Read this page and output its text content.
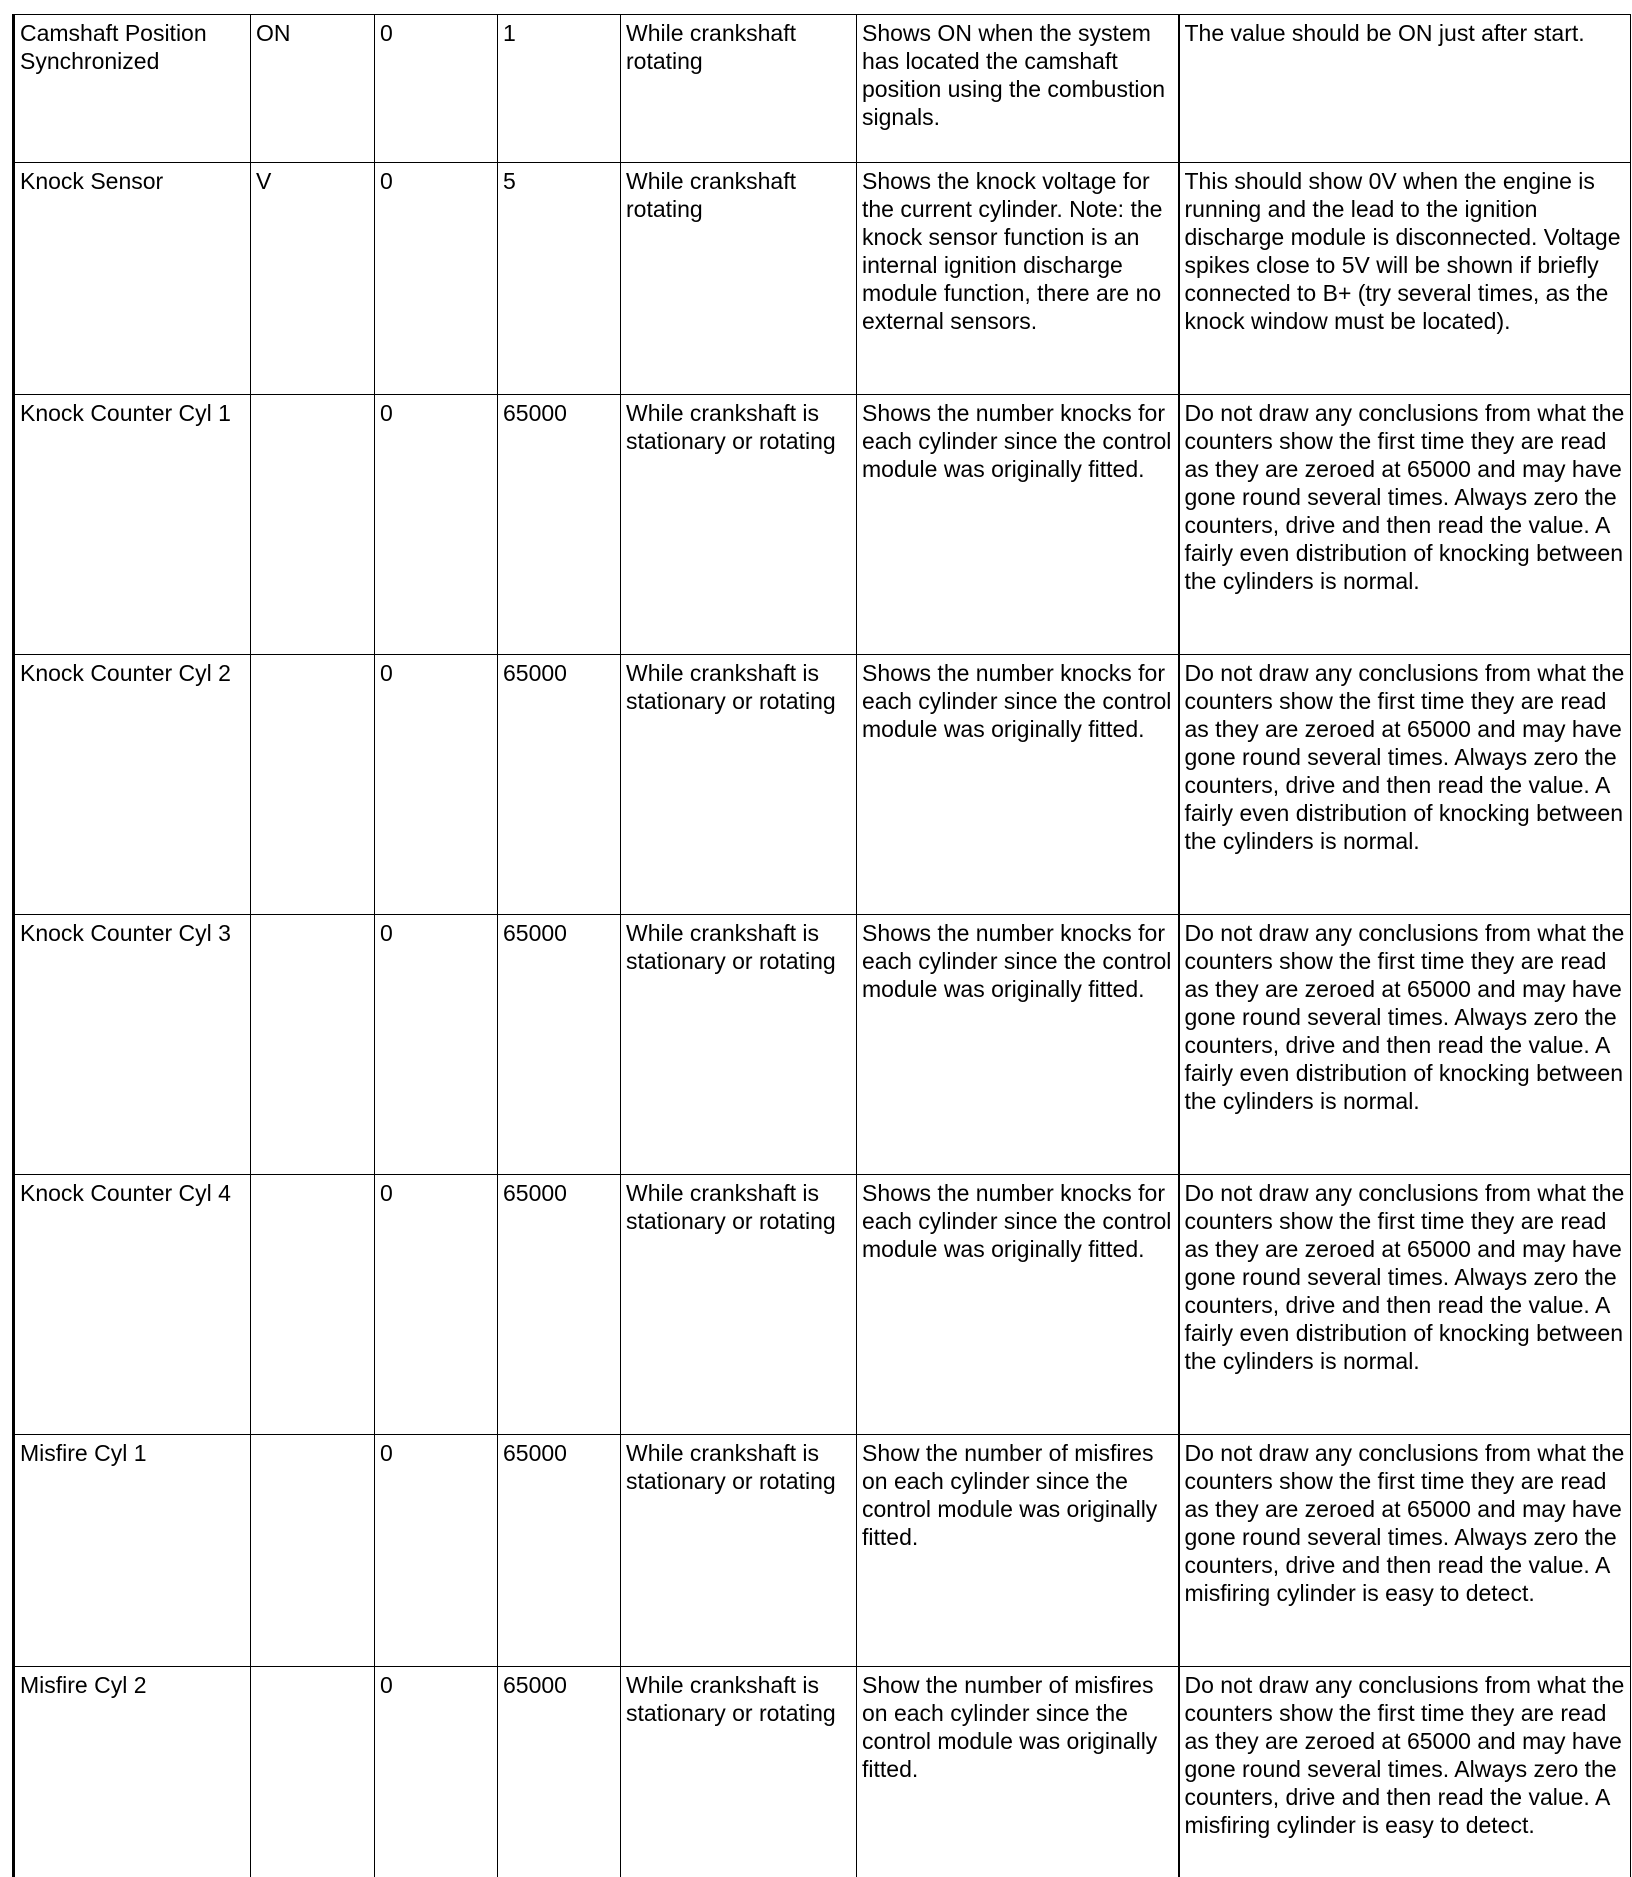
Camshaft Position Synchronized	ON	0	1	While crankshaft rotating	Shows ON when the system has located the camshaft position using the combustion signals.	The value should be ON just after start.
Knock Sensor	V	0	5	While crankshaft rotating	Shows the knock voltage for the current cylinder. Note: the knock sensor function is an internal ignition discharge module function, there are no external sensors.	This should show 0V when the engine is running and the lead to the ignition discharge module is disconnected. Voltage spikes close to 5V will be shown if briefly connected to B+ (try several times, as the knock window must be located).
Knock Counter Cyl 1		0	65000	While crankshaft is stationary or rotating	Shows the number knocks for each cylinder since the control module was originally fitted.	Do not draw any conclusions from what the counters show the first time they are read as they are zeroed at 65000 and may have gone round several times. Always zero the counters, drive and then read the value. A fairly even distribution of knocking between the cylinders is normal.
Knock Counter Cyl 2		0	65000	While crankshaft is stationary or rotating	Shows the number knocks for each cylinder since the control module was originally fitted.	Do not draw any conclusions from what the counters show the first time they are read as they are zeroed at 65000 and may have gone round several times. Always zero the counters, drive and then read the value. A fairly even distribution of knocking between the cylinders is normal.
Knock Counter Cyl 3		0	65000	While crankshaft is stationary or rotating	Shows the number knocks for each cylinder since the control module was originally fitted.	Do not draw any conclusions from what the counters show the first time they are read as they are zeroed at 65000 and may have gone round several times. Always zero the counters, drive and then read the value. A fairly even distribution of knocking between the cylinders is normal.
Knock Counter Cyl 4		0	65000	While crankshaft is stationary or rotating	Shows the number knocks for each cylinder since the control module was originally fitted.	Do not draw any conclusions from what the counters show the first time they are read as they are zeroed at 65000 and may have gone round several times. Always zero the counters, drive and then read the value. A fairly even distribution of knocking between the cylinders is normal.
Misfire Cyl 1		0	65000	While crankshaft is stationary or rotating	Show the number of misfires on each cylinder since the control module was originally fitted.	Do not draw any conclusions from what the counters show the first time they are read as they are zeroed at 65000 and may have gone round several times. Always zero the counters, drive and then read the value. A misfiring cylinder is easy to detect.
Misfire Cyl 2		0	65000	While crankshaft is stationary or rotating	Show the number of misfires on each cylinder since the control module was originally fitted.	Do not draw any conclusions from what the counters show the first time they are read as they are zeroed at 65000 and may have gone round several times. Always zero the counters, drive and then read the value. A misfiring cylinder is easy to detect.
